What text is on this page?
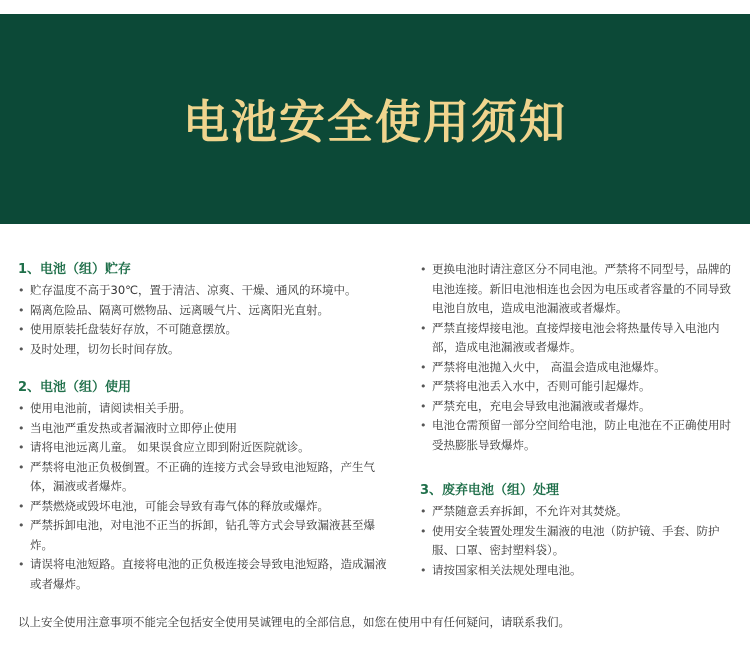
电池安全使用须知
1、电池（组）贮存
• 贮存温度不高于30℃，置于清洁、凉爽、干燥、通风的环境中。
• 隔离危险品、隔离可燃物品、远离暖气片、远离阳光直射。
• 使用原装托盘装好存放，不可随意摆放。
• 及时处理，切勿长时间存放。
2、电池（组）使用
• 使用电池前，请阅读相关手册。
• 当电池严重发热或者漏液时立即停止使用
• 请将电池远离儿童。 如果误食应立即到附近医院就诊。
• 严禁将电池正负极倒置。不正确的连接方式会导致电池短路，产生气体，漏液或者爆炸。
• 严禁燃烧或毁坏电池，可能会导致有毒气体的释放或爆炸。
• 严禁拆卸电池，对电池不正当的拆卸，钻孔等方式会导致漏液甚至爆炸。
• 请误将电池短路。直接将电池的正负极连接会导致电池短路，造成漏液或者爆炸。
• 更换电池时请注意区分不同电池。严禁将不同型号，品牌的电池连接。新旧电池相连也会因为电压或者容量的不同导致电池自放电，造成电池漏液或者爆炸。
• 严禁直接焊接电池。直接焊接电池会将热量传导入电池内部，造成电池漏液或者爆炸。
• 严禁将电池抛入火中， 高温会造成电池爆炸。
• 严禁将电池丢入水中，否则可能引起爆炸。
• 严禁充电，充电会导致电池漏液或者爆炸。
• 电池仓需预留一部分空间给电池，防止电池在不正确使用时受热膨胀导致爆炸。
3、废弃电池（组）处理
• 严禁随意丢弃拆卸，不允许对其焚烧。
• 使用安全装置处理发生漏液的电池（防护镜、手套、防护服、口罩、密封塑料袋）。
• 请按国家相关法规处理电池。
以上安全使用注意事项不能完全包括安全使用昊诚锂电的全部信息，如您在使用中有任何疑问，请联系我们。
